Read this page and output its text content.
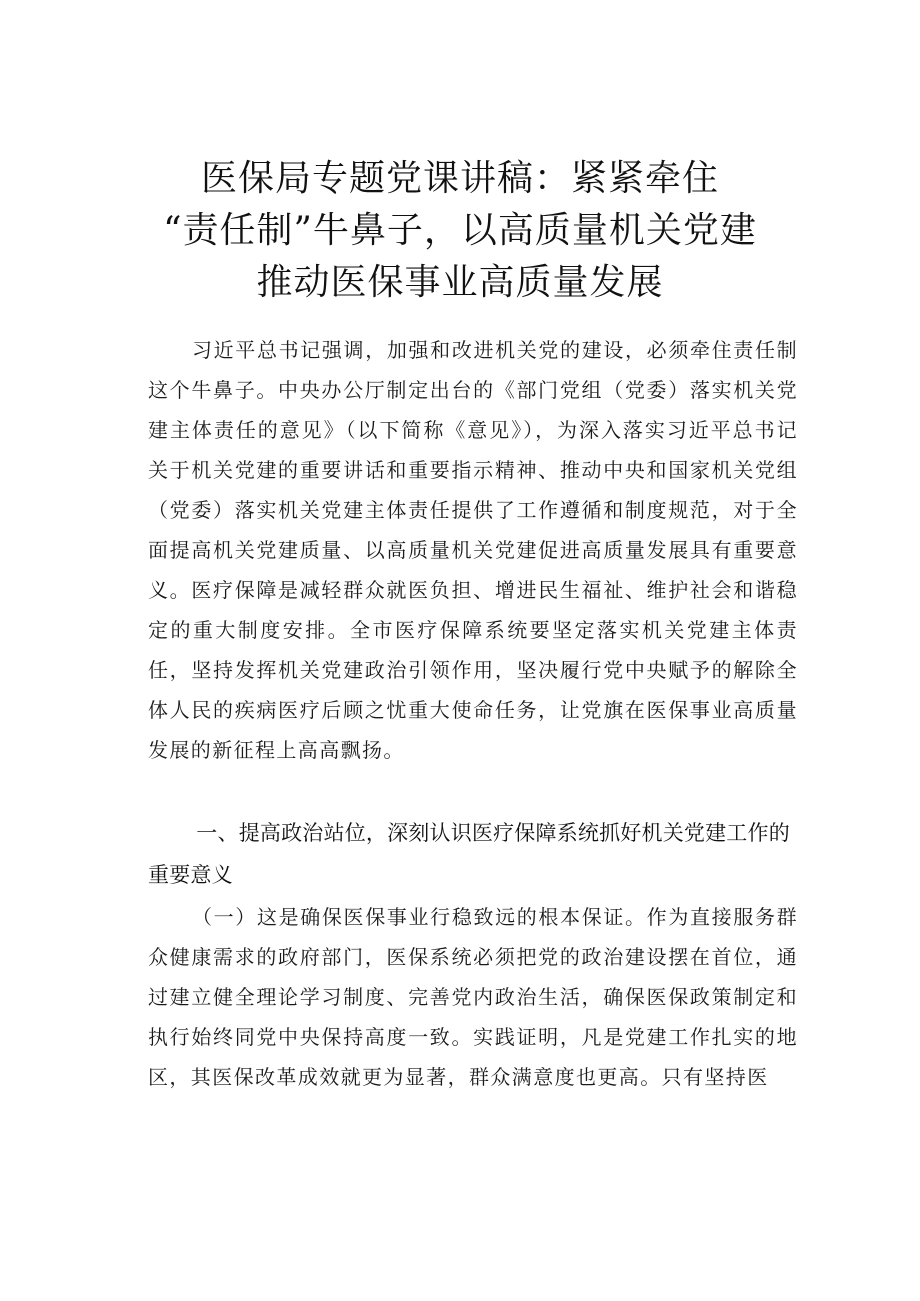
医保局专题党课讲稿：紧紧牵住
“责任制”牛鼻子，以高质量机关党建
推动医保事业高质量发展

习近平总书记强调，加强和改进机关党的建设，必须牵住责任制这个牛鼻子。中央办公厅制定出台的《部门党组（党委）落实机关党建主体责任的意见》（以下简称《意见》），为深入落实习近平总书记关于机关党建的重要讲话和重要指示精神、推动中央和国家机关党组（党委）落实机关党建主体责任提供了工作遵循和制度规范，对于全面提高机关党建质量、以高质量机关党建促进高质量发展具有重要意义。医疗保障是减轻群众就医负担、增进民生福祉、维护社会和谐稳定的重大制度安排。全市医疗保障系统要坚定落实机关党建主体责任，坚持发挥机关党建政治引领作用，坚决履行党中央赋予的解除全体人民的疾病医疗后顾之忧重大使命任务，让党旗在医保事业高质量发展的新征程上高高飘扬。

一、提高政治站位，深刻认识医疗保障系统抓好机关党建工作的重要意义

（一）这是确保医保事业行稳致远的根本保证。作为直接服务群众健康需求的政府部门，医保系统必须把党的政治建设摆在首位，通过建立健全理论学习制度、完善党内政治生活，确保医保政策制定和执行始终同党中央保持高度一致。实践证明，凡是党建工作扎实的地区，其医保改革成效就更为显著，群众满意度也更高。只有坚持医
